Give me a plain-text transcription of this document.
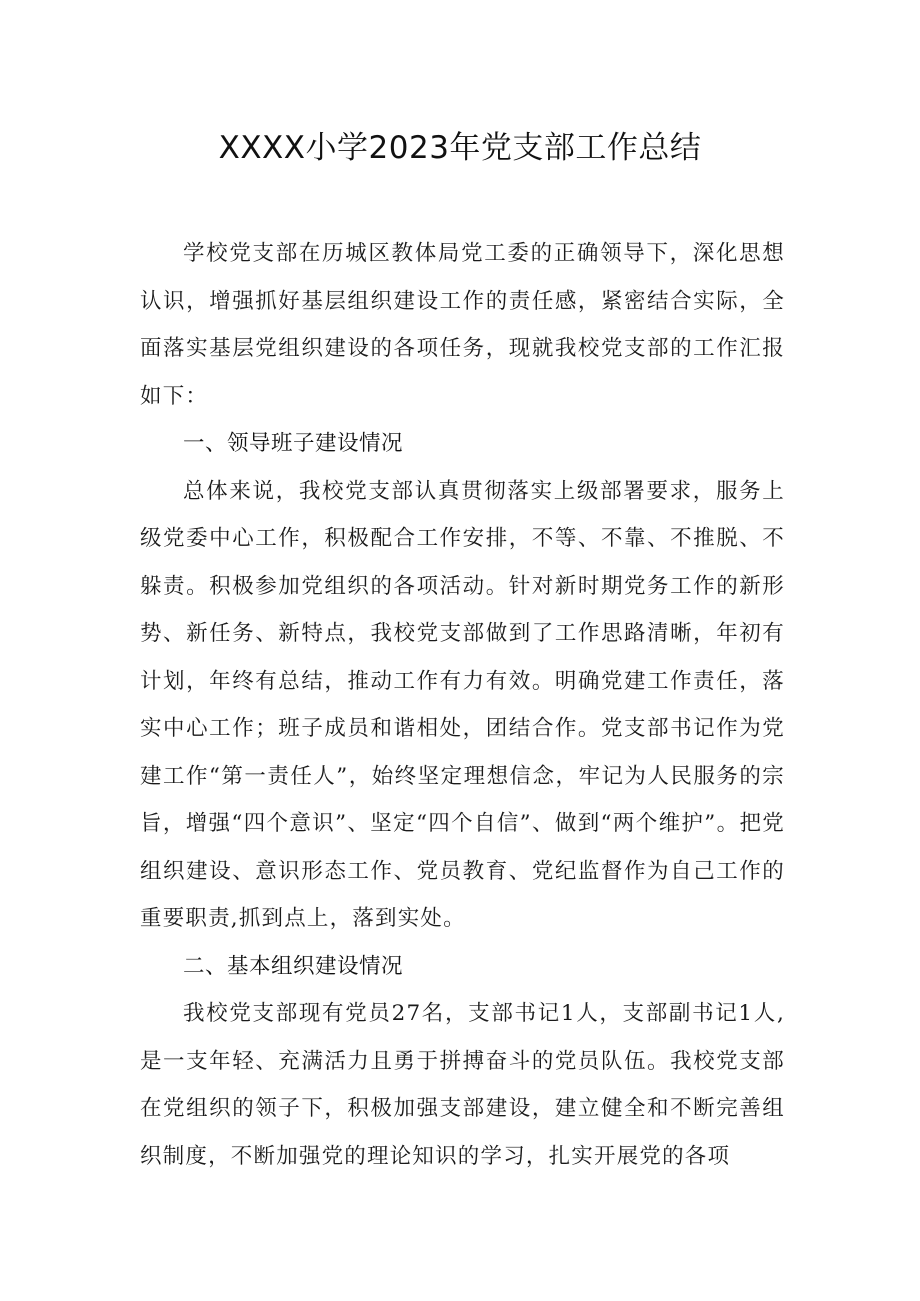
XXXX小学2023年党支部工作总结

学校党支部在历城区教体局党工委的正确领导下，深化思想认识，增强抓好基层组织建设工作的责任感，紧密结合实际，全面落实基层党组织建设的各项任务，现就我校党支部的工作汇报如下：

一、领导班子建设情况

总体来说，我校党支部认真贯彻落实上级部署要求，服务上级党委中心工作，积极配合工作安排，不等、不靠、不推脱、不躲责。积极参加党组织的各项活动。针对新时期党务工作的新形势、新任务、新特点，我校党支部做到了工作思路清晰，年初有计划，年终有总结，推动工作有力有效。明确党建工作责任，落实中心工作；班子成员和谐相处，团结合作。党支部书记作为党建工作“第一责任人”，始终坚定理想信念，牢记为人民服务的宗旨，增强“四个意识”、坚定“四个自信”、做到“两个维护”。把党组织建设、意识形态工作、党员教育、党纪监督作为自己工作的重要职责,抓到点上，落到实处。

二、基本组织建设情况

我校党支部现有党员27名，支部书记1人，支部副书记1人,是一支年轻、充满活力且勇于拼搏奋斗的党员队伍。我校党支部在党组织的领子下，积极加强支部建设，建立健全和不断完善组织制度，不断加强党的理论知识的学习，扎实开展党的各项
